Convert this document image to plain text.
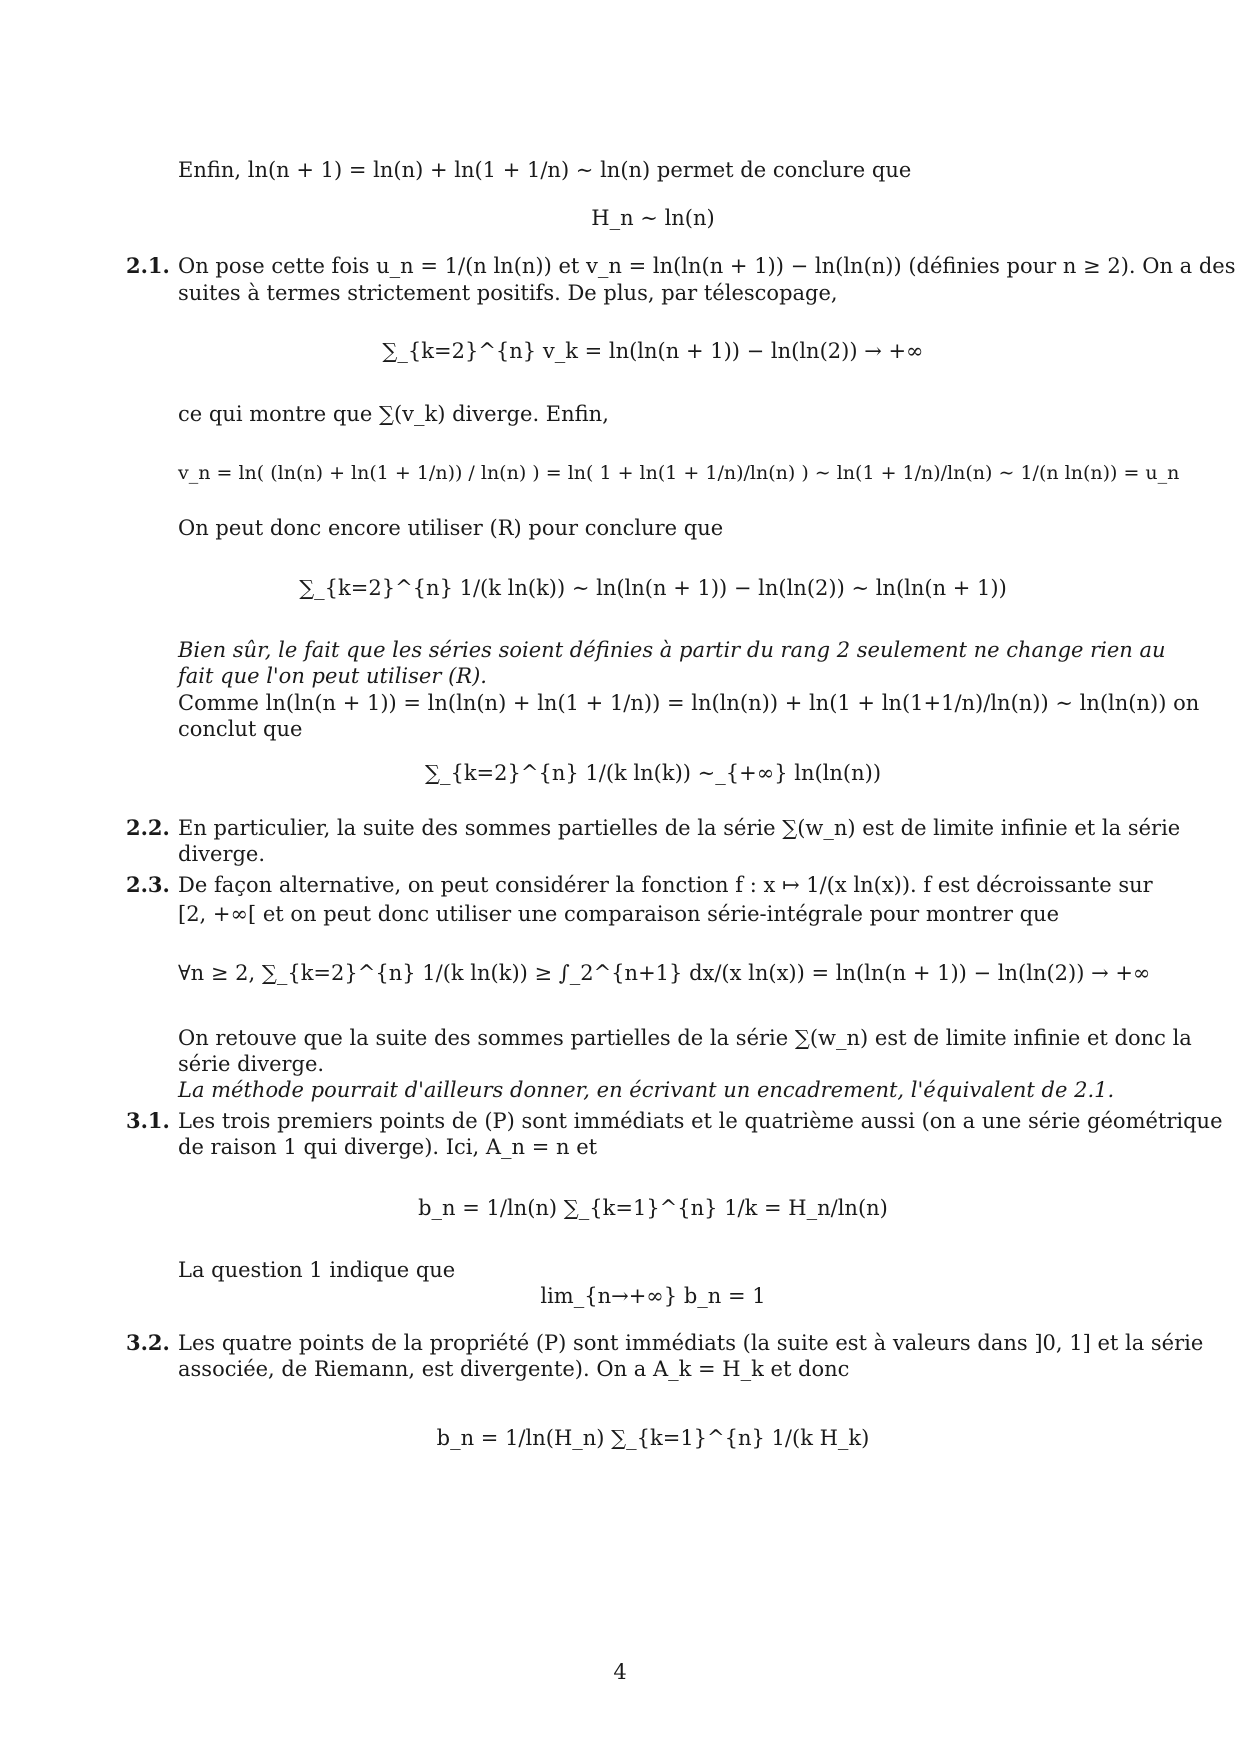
Enfin, ln(n + 1) = ln(n) + ln(1 + 1/n) ∼ ln(n) permet de conclure que
H_n ∼ ln(n)
2.1. On pose cette fois u_n = 1/(n ln(n)) et v_n = ln(ln(n + 1)) − ln(ln(n)) (définies pour n ≥ 2). On a des
suites à termes strictement positifs. De plus, par télescopage,
∑_{k=2}^{n} v_k = ln(ln(n + 1)) − ln(ln(2)) → +∞
ce qui montre que ∑(v_k) diverge. Enfin,
v_n = ln( (ln(n) + ln(1 + 1/n)) / ln(n) ) = ln( 1 + ln(1 + 1/n)/ln(n) ) ∼ ln(1 + 1/n)/ln(n) ∼ 1/(n ln(n)) = u_n
On peut donc encore utiliser (R) pour conclure que
∑_{k=2}^{n} 1/(k ln(k)) ∼ ln(ln(n + 1)) − ln(ln(2)) ∼ ln(ln(n + 1))
Bien sûr, le fait que les séries soient définies à partir du rang 2 seulement ne change rien au
fait que l'on peut utiliser (R).
Comme ln(ln(n + 1)) = ln(ln(n) + ln(1 + 1/n)) = ln(ln(n)) + ln(1 + ln(1+1/n)/ln(n)) ∼ ln(ln(n)) on
conclut que
∑_{k=2}^{n} 1/(k ln(k)) ∼_{+∞} ln(ln(n))
2.2. En particulier, la suite des sommes partielles de la série ∑(w_n) est de limite infinie et la série
diverge.
2.3. De façon alternative, on peut considérer la fonction f : x ↦ 1/(x ln(x)). f est décroissante sur
[2, +∞[ et on peut donc utiliser une comparaison série-intégrale pour montrer que
∀n ≥ 2, ∑_{k=2}^{n} 1/(k ln(k)) ≥ ∫_2^{n+1} dx/(x ln(x)) = ln(ln(n + 1)) − ln(ln(2)) → +∞
On retouve que la suite des sommes partielles de la série ∑(w_n) est de limite infinie et donc la
série diverge.
La méthode pourrait d'ailleurs donner, en écrivant un encadrement, l'équivalent de 2.1.
3.1. Les trois premiers points de (P) sont immédiats et le quatrième aussi (on a une série géométrique
de raison 1 qui diverge). Ici, A_n = n et
b_n = 1/ln(n) ∑_{k=1}^{n} 1/k = H_n/ln(n)
La question 1 indique que
lim_{n→+∞} b_n = 1
3.2. Les quatre points de la propriété (P) sont immédiats (la suite est à valeurs dans ]0, 1] et la série
associée, de Riemann, est divergente). On a A_k = H_k et donc
b_n = 1/ln(H_n) ∑_{k=1}^{n} 1/(k H_k)
4
